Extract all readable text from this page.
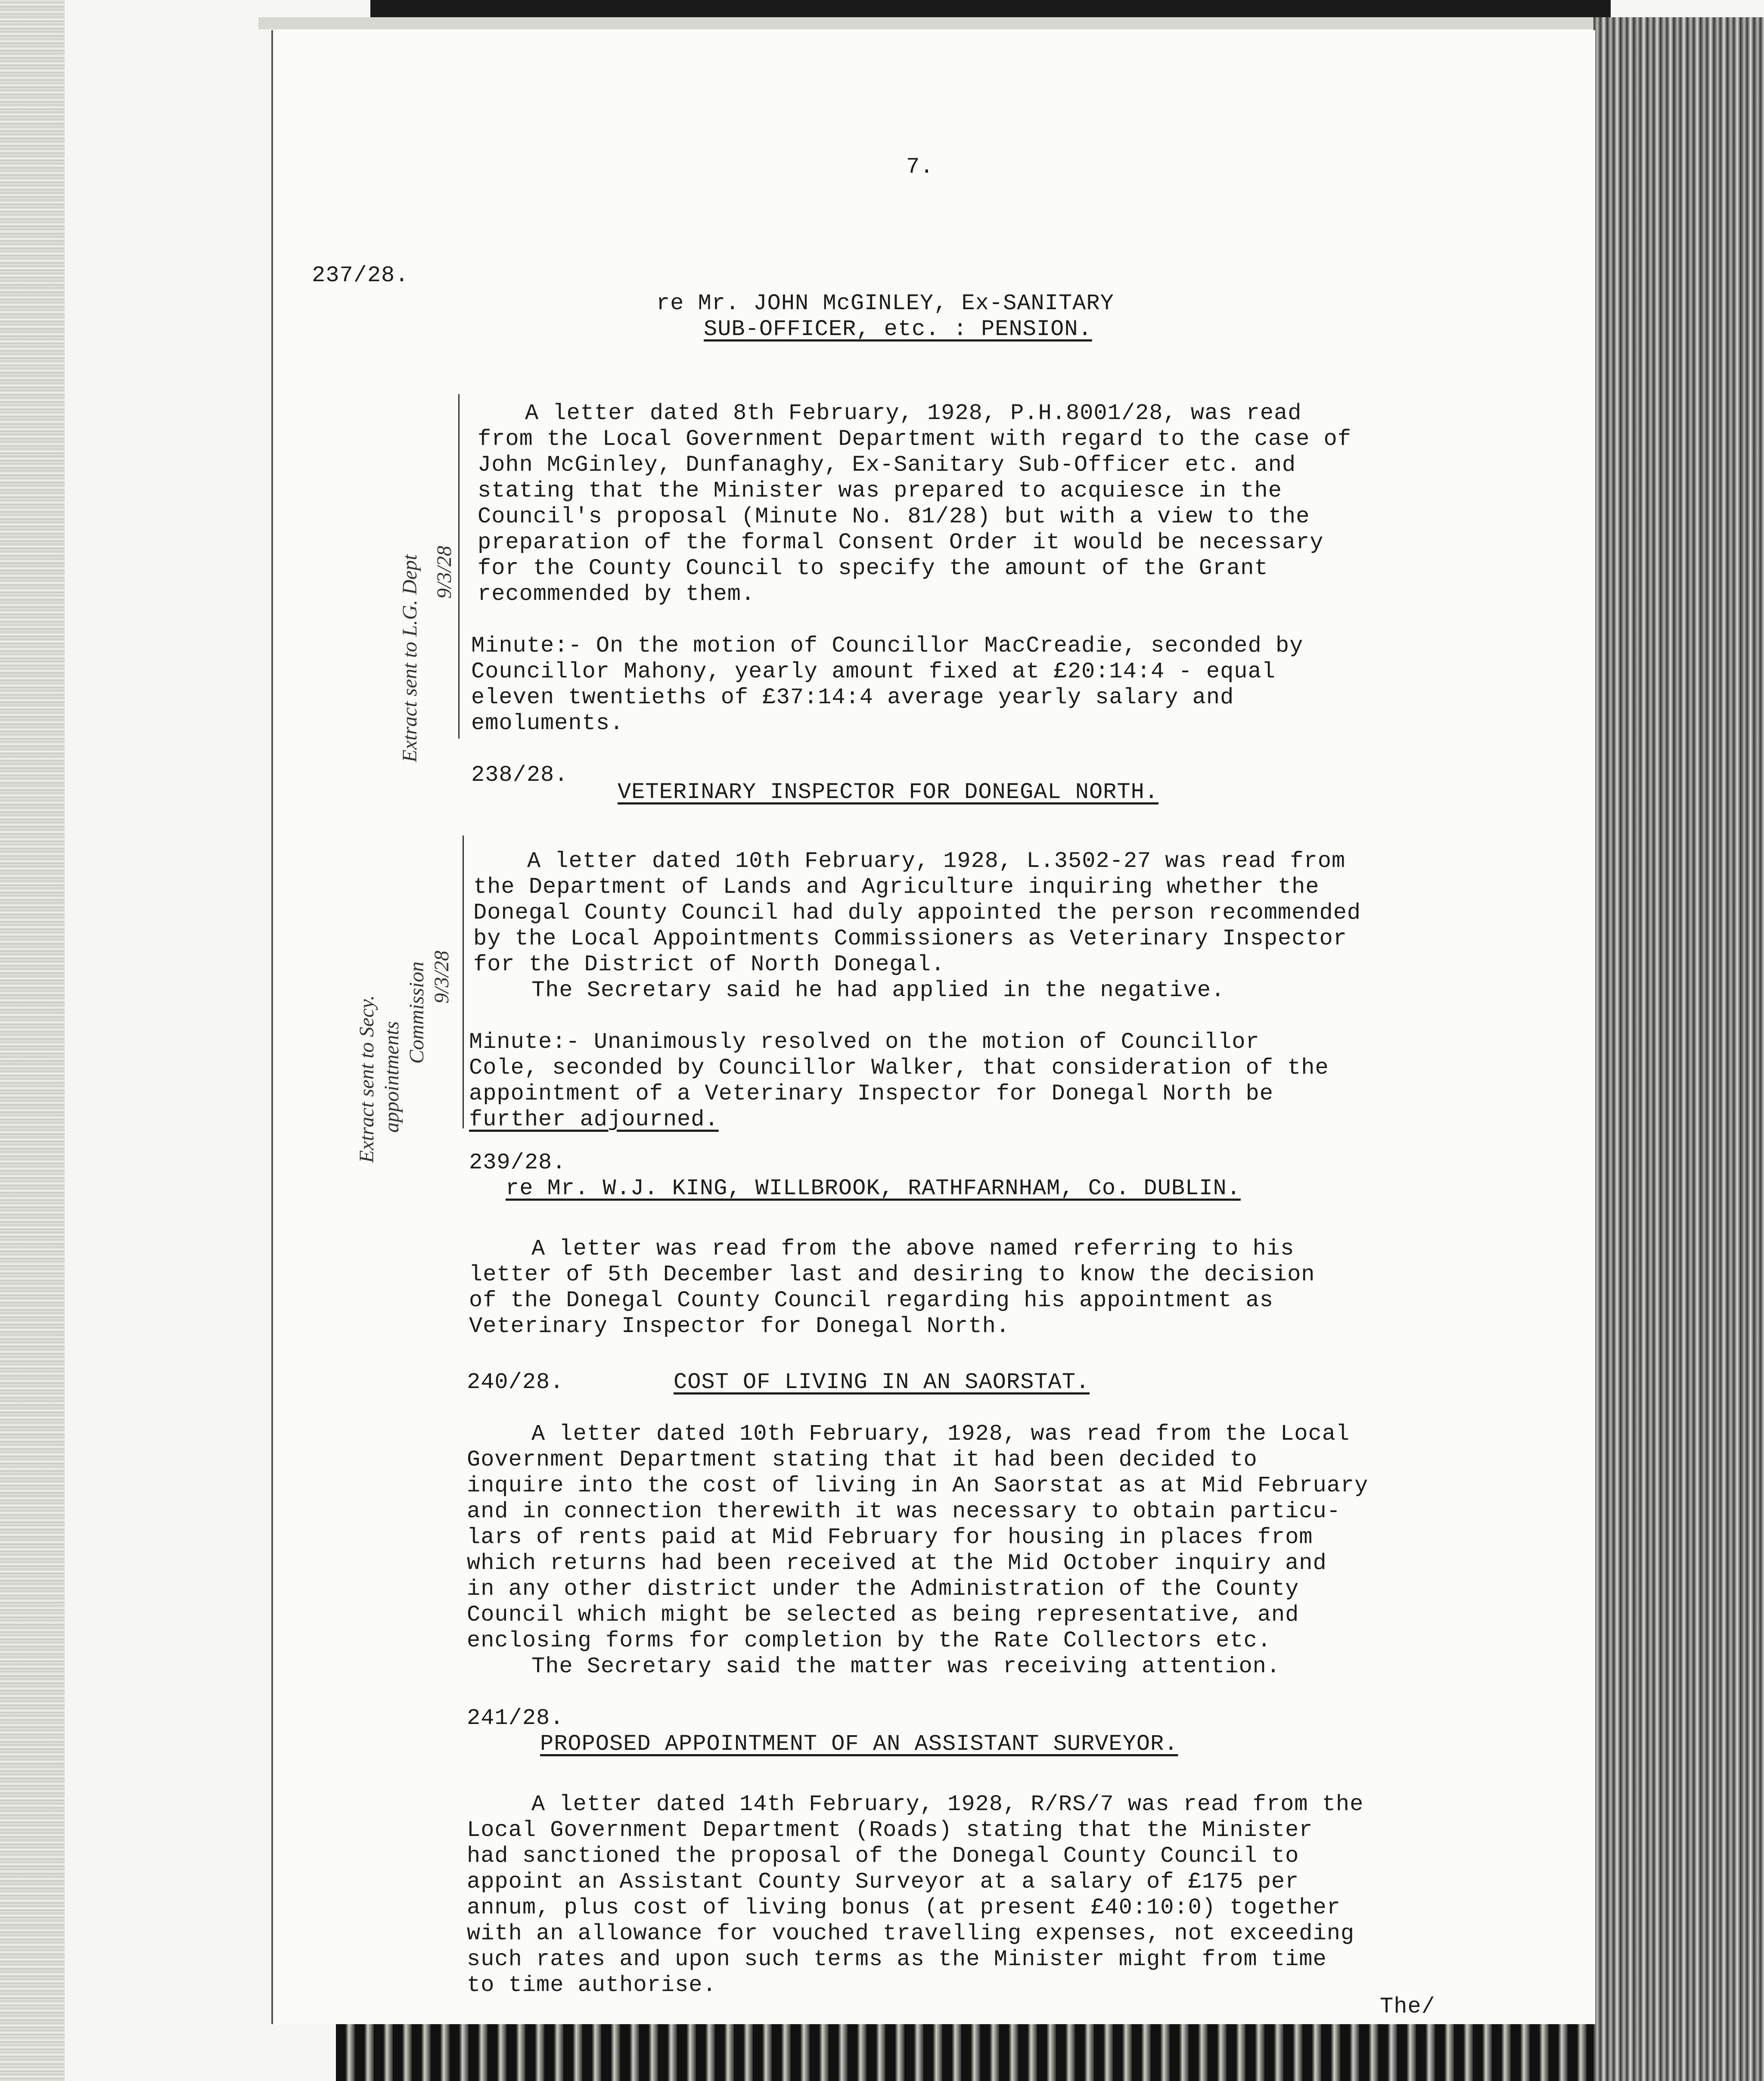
7.

237/28.

re Mr. JOHN McGINLEY, Ex-SANITARY

SUB-OFFICER, etc. : PENSION.

Extract sent to L.G. Dept 9/3/28

A letter dated 8th February, 1928, P.H.8001/28, was read

from the Local Government Department with regard to the case of

John McGinley, Dunfanaghy, Ex-Sanitary Sub-Officer etc. and

stating that the Minister was prepared to acquiesce in the

Council's proposal (Minute No. 81/28) but with a view to the

preparation of the formal Consent Order it would be necessary

for the County Council to specify the amount of the Grant

recommended by them.

Minute:- On the motion of Councillor MacCreadie, seconded by

Councillor Mahony, yearly amount fixed at £20:14:4 - equal

eleven twentieths of £37:14:4 average yearly salary and

emoluments.

238/28.

VETERINARY INSPECTOR FOR DONEGAL NORTH.

Extract sent to Secy. appointments
Commission 9/3/28

A letter dated 10th February, 1928, L.3502-27 was read from

the Department of Lands and Agriculture inquiring whether the

Donegal County Council had duly appointed the person recommended

by the Local Appointments Commissioners as Veterinary Inspector

for the District of North Donegal.

The Secretary said he had applied in the negative.

Minute:- Unanimously resolved on the motion of Councillor

Cole, seconded by Councillor Walker, that consideration of the

appointment of a Veterinary Inspector for Donegal North be

further adjourned.

239/28.

re Mr. W.J. KING, WILLBROOK, RATHFARNHAM, Co. DUBLIN.

A letter was read from the above named referring to his

letter of 5th December last and desiring to know the decision

of the Donegal County Council regarding his appointment as

Veterinary Inspector for Donegal North.

240/28.	COST OF LIVING IN AN SAORSTAT.

A letter dated 10th February, 1928, was read from the Local

Government Department stating that it had been decided to

inquire into the cost of living in An Saorstat as at Mid February

and in connection therewith it was necessary to obtain particu-

lars of rents paid at Mid February for housing in places from

which returns had been received at the Mid October inquiry and

in any other district under the Administration of the County

Council which might be selected as being representative, and

enclosing forms for completion by the Rate Collectors etc.

The Secretary said the matter was receiving attention.

241/28.

PROPOSED APPOINTMENT OF AN ASSISTANT SURVEYOR.

A letter dated 14th February, 1928, R/RS/7 was read from the

Local Government Department (Roads) stating that the Minister

had sanctioned the proposal of the Donegal County Council to

appoint an Assistant County Surveyor at a salary of £175 per

annum, plus cost of living bonus (at present £40:10:0) together

with an allowance for vouched travelling expenses, not exceeding

such rates and upon such terms as the Minister might from time

to time authorise.

The/
